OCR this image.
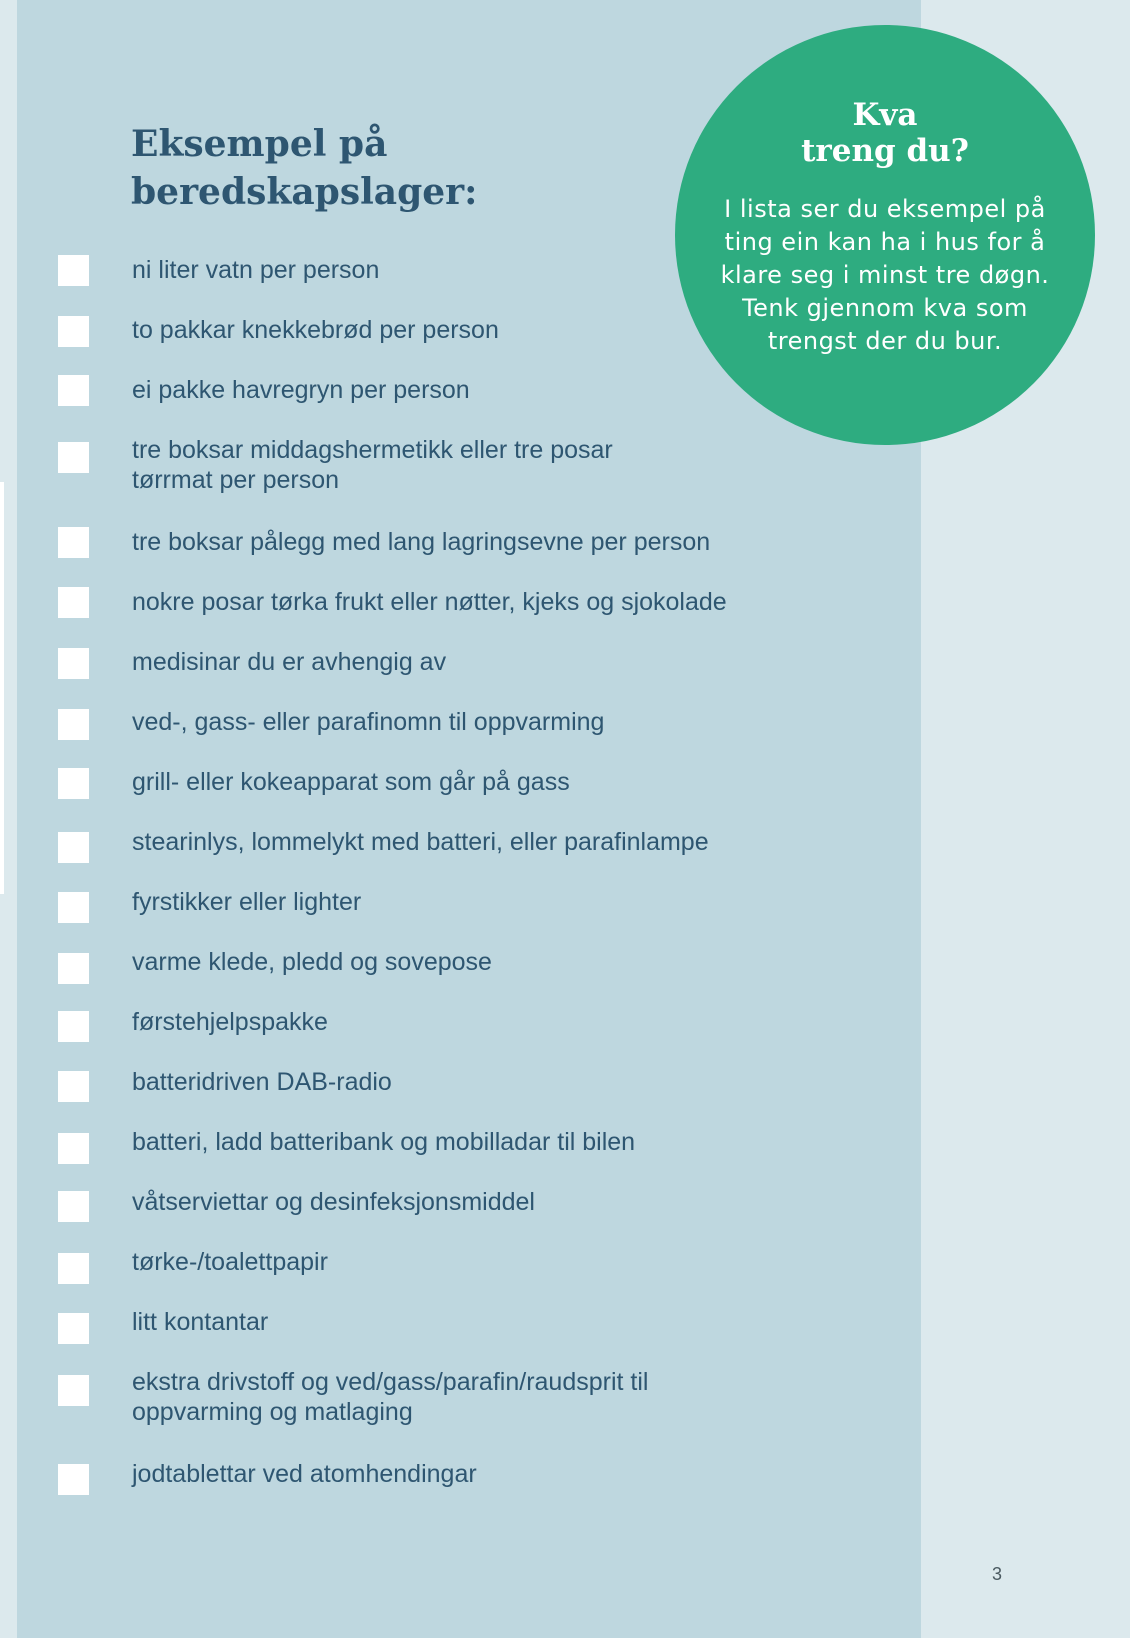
Eksempel på
beredskapslager:
Kva
treng du?
I lista ser du eksempel på
ting ein kan ha i hus for å
klare seg i minst tre døgn.
Tenk gjennom kva som
trengst der du bur.
ni liter vatn per person
to pakkar knekkebrød per person
ei pakke havregryn per person
tre boksar middagshermetikk eller tre posar
tørrmat per person
tre boksar pålegg med lang lagringsevne per person
nokre posar tørka frukt eller nøtter, kjeks og sjokolade
medisinar du er avhengig av
ved-, gass- eller parafinomn til oppvarming
grill- eller kokeapparat som går på gass
stearinlys, lommelykt med batteri, eller parafinlampe
fyrstikker eller lighter
varme klede, pledd og sovepose
førstehjelpspakke
batteridriven DAB-radio
batteri, ladd batteribank og mobilladar til bilen
våtserviettar og desinfeksjonsmiddel
tørke-/toalettpapir
litt kontantar
ekstra drivstoff og ved/gass/parafin/raudsprit til
oppvarming og matlaging
jodtablettar ved atomhendingar
3
